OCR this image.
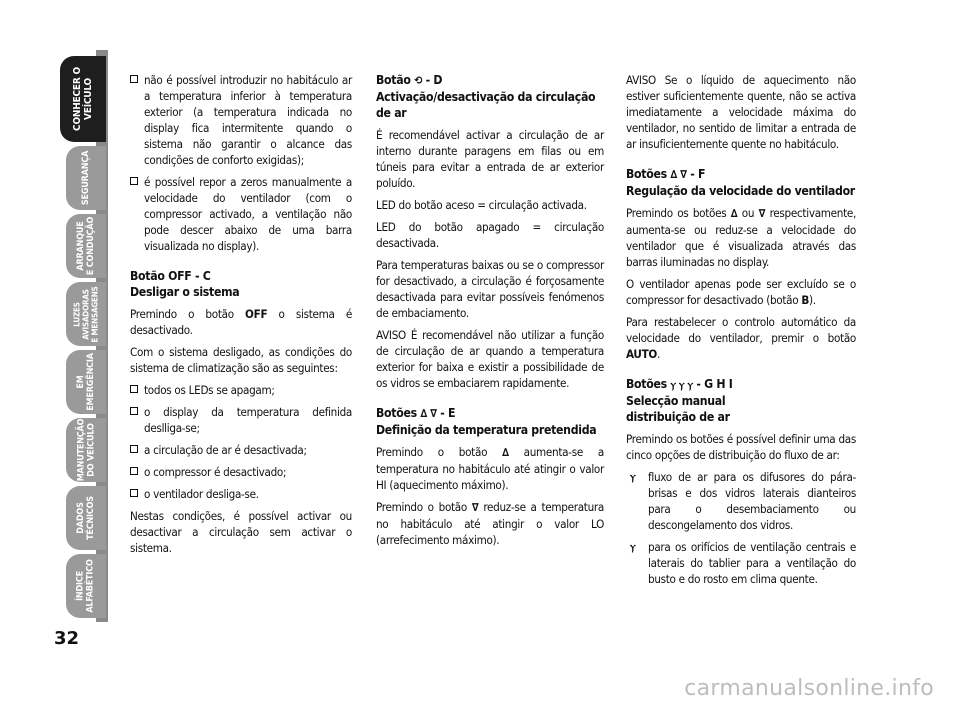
CONHECER O
VEÍCULO
SEGURANÇA
ARRANQUE
E CONDUÇÃO
LUZES
AVISADORAS
E MENSAGENS
EM
EMERGÊNCIA
MANUTENÇÃO
DO VEÍCULO
DADOS
TÉCNICOS
ÍNDICE
ALFABÉTICO
32

não é possível introduzir no habitáculo ar a temperatura inferior à temperatura exterior (a temperatura indicada no display fica intermitente quando o sistema não garantir o alcance das condições de conforto exigidas);

é possível repor a zeros manualmente a velocidade do ventilador (com o compressor activado, a ventilação não pode descer abaixo de uma barra visualizada no display).

Botão OFF - C
Desligar o sistema

Premindo o botão OFF o sistema é desactivado.

Com o sistema desligado, as condições do sistema de climatização são as seguintes:

todos os LEDs se apagam;

o display da temperatura definida deslliga-se;

a circulação de ar é desactivada;

o compressor é desactivado;

o ventilador desliga-se.

Nestas condições, é possível activar ou desactivar a circulação sem activar o sistema.

Botão ⟲ - D
Activação/desactivação da circulação de ar

É recomendável activar a circulação de ar interno durante paragens em filas ou em túneis para evitar a entrada de ar exterior poluído.

LED do botão aceso = circulação activada.

LED do botão apagado = circulação desactivada.

Para temperaturas baixas ou se o compressor for desactivado, a circulação é forçosamente desactivada para evitar possíveis fenómenos de embaciamento.

AVISO É recomendável não utilizar a função de circulação de ar quando a temperatura exterior for baixa e existir a possibilidade de os vidros se embaciarem rapidamente.

Botões ∆ ∇ - E
Definição da temperatura pretendida

Premindo o botão ∆ aumenta-se a temperatura no habitáculo até atingir o valor HI (aquecimento máximo).

Premindo o botão ∇ reduz-se a temperatura no habitáculo até atingir o valor LO (arrefecimento máximo).

AVISO Se o líquido de aquecimento não estiver suficientemente quente, não se activa imediatamente a velocidade máxima do ventilador, no sentido de limitar a entrada de ar insuficientemente quente no habitáculo.

Botões ∆ ∇ - F
Regulação da velocidade do ventilador

Premindo os botões ∆ ou ∇ respectivamente, aumenta-se ou reduz-se a velocidade do ventilador que é visualizada através das barras iluminadas no display.

O ventilador apenas pode ser excluído se o compressor for desactivado (botão B).

Para restabelecer o controlo automático da velocidade do ventilador, premir o botão AUTO.

Botões ⲩ ⲩ ⲩ - G H I
Selecção manual
distribuição de ar

Premindo os botões é possível definir uma das cinco opções de distribuição do fluxo de ar:

ⲩ fluxo de ar para os difusores do pára-brisas e dos vidros laterais dianteiros para o desembaciamento ou descongelamento dos vidros.

ⲩ para os orifícios de ventilação centrais e laterais do tablier para a ventilação do busto e do rosto em clima quente.

carmanualsonline.info
